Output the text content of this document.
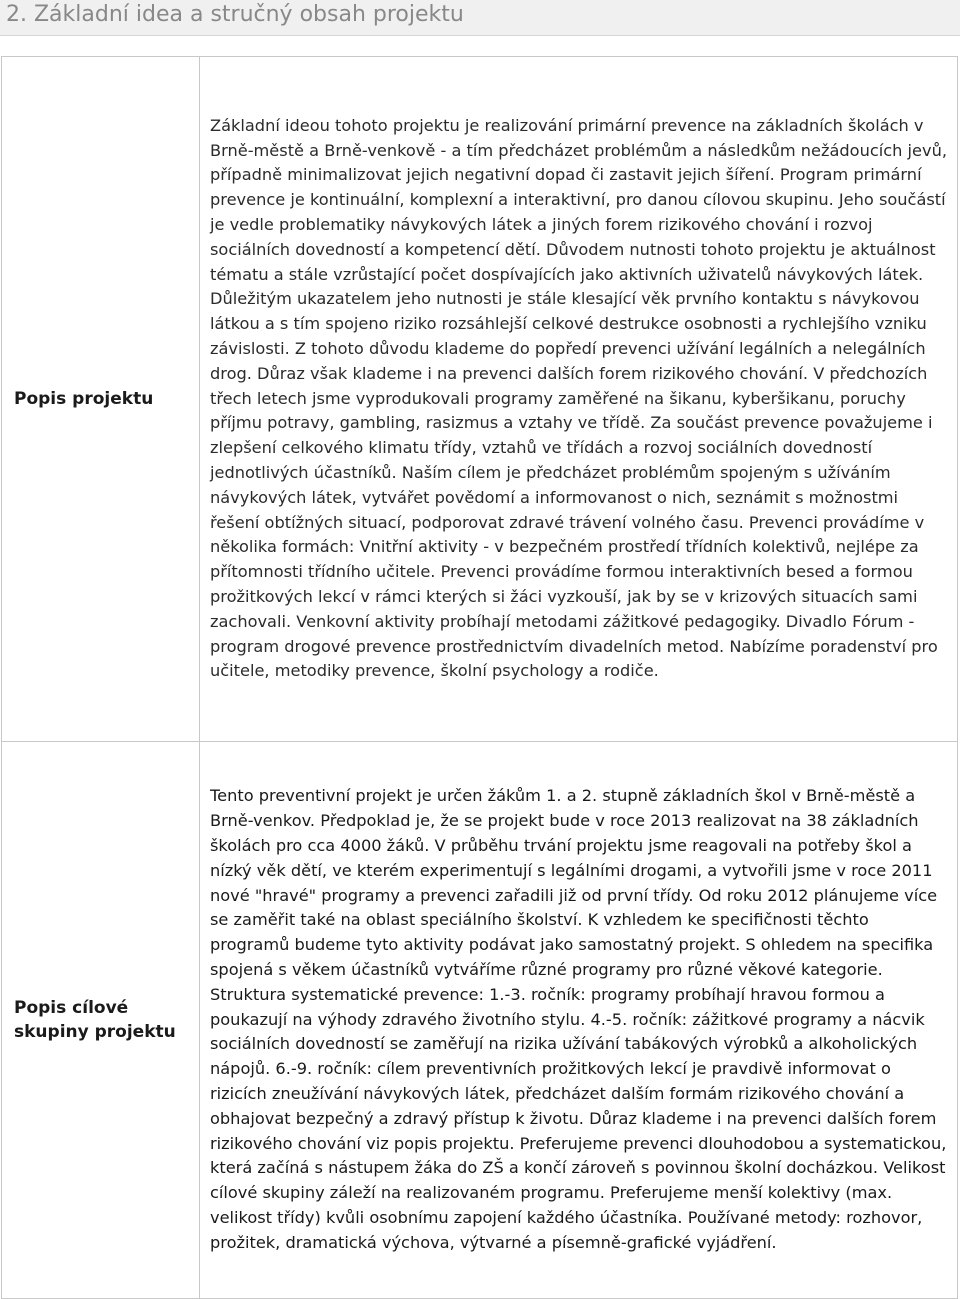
2. Základní idea a stručný obsah projektu
Popis projektu	Základní ideou tohoto projektu je realizování primární prevence na základních školách v Brně-městě a Brně-venkově - a tím předcházet problémům a následkům nežádoucích jevů, případně minimalizovat jejich negativní dopad či zastavit jejich šíření. Program primární prevence je kontinuální, komplexní a interaktivní, pro danou cílovou skupinu. Jeho součástí je vedle problematiky návykových látek a jiných forem rizikového chování i rozvoj sociálních dovedností a kompetencí dětí. Důvodem nutnosti tohoto projektu je aktuálnost tématu a stále vzrůstající počet dospívajících jako aktivních uživatelů návykových látek. Důležitým ukazatelem jeho nutnosti je stále klesající věk prvního kontaktu s návykovou látkou a s tím spojeno riziko rozsáhlejší celkové destrukce osobnosti a rychlejšího vzniku závislosti. Z tohoto důvodu klademe do popředí prevenci užívání legálních a nelegálních drog. Důraz však klademe i na prevenci dalších forem rizikového chování. V předchozích třech letech jsme vyprodukovali programy zaměřené na šikanu, kyberšikanu, poruchy příjmu potravy, gambling, rasizmus a vztahy ve třídě. Za součást prevence považujeme i zlepšení celkového klimatu třídy, vztahů ve třídách a rozvoj sociálních dovedností jednotlivých účastníků. Naším cílem je předcházet problémům spojeným s užíváním návykových látek, vytvářet povědomí a informovanost o nich, seznámit s možnostmi řešení obtížných situací, podporovat zdravé trávení volného času. Prevenci provádíme v několika formách: Vnitřní aktivity - v bezpečném prostředí třídních kolektivů, nejlépe za přítomnosti třídního učitele. Prevenci provádíme formou interaktivních besed a formou prožitkových lekcí v rámci kterých si žáci vyzkouší, jak by se v krizových situacích sami zachovali. Venkovní aktivity probíhají metodami zážitkové pedagogiky. Divadlo Fórum - program drogové prevence prostřednictvím divadelních metod. Nabízíme poradenství pro učitele, metodiky prevence, školní psychology a rodiče.

Popis cílové skupiny projektu	Tento preventivní projekt je určen žákům 1. a 2. stupně základních škol v Brně-městě a Brně-venkov. Předpoklad je, že se projekt bude v roce 2013 realizovat na 38 základních školách pro cca 4000 žáků. V průběhu trvání projektu jsme reagovali na potřeby škol a nízký věk dětí, ve kterém experimentují s legálními drogami, a vytvořili jsme v roce 2011 nové "hravé" programy a prevenci zařadili již od první třídy. Od roku 2012 plánujeme více se zaměřit také na oblast speciálního školství. K vzhledem ke specifičnosti těchto programů budeme tyto aktivity podávat jako samostatný projekt. S ohledem na specifika spojená s věkem účastníků vytváříme různé programy pro různé věkové kategorie. Struktura systematické prevence: 1.-3. ročník: programy probíhají hravou formou a poukazují na výhody zdravého životního stylu. 4.-5. ročník: zážitkové programy a nácvik sociálních dovedností se zaměřují na rizika užívání tabákových výrobků a alkoholických nápojů. 6.-9. ročník: cílem preventivních prožitkových lekcí je pravdivě informovat o rizicích zneužívání návykových látek, předcházet dalším formám rizikového chování a obhajovat bezpečný a zdravý přístup k životu. Důraz klademe i na prevenci dalších forem rizikového chování viz popis projektu. Preferujeme prevenci dlouhodobou a systematickou, která začíná s nástupem žáka do ZŠ a končí zároveň s povinnou školní docházkou. Velikost cílové skupiny záleží na realizovaném programu. Preferujeme menší kolektivy (max. velikost třídy) kvůli osobnímu zapojení každého účastníka. Používané metody: rozhovor, prožitek, dramatická výchova, výtvarné a písemně-grafické vyjádření.
